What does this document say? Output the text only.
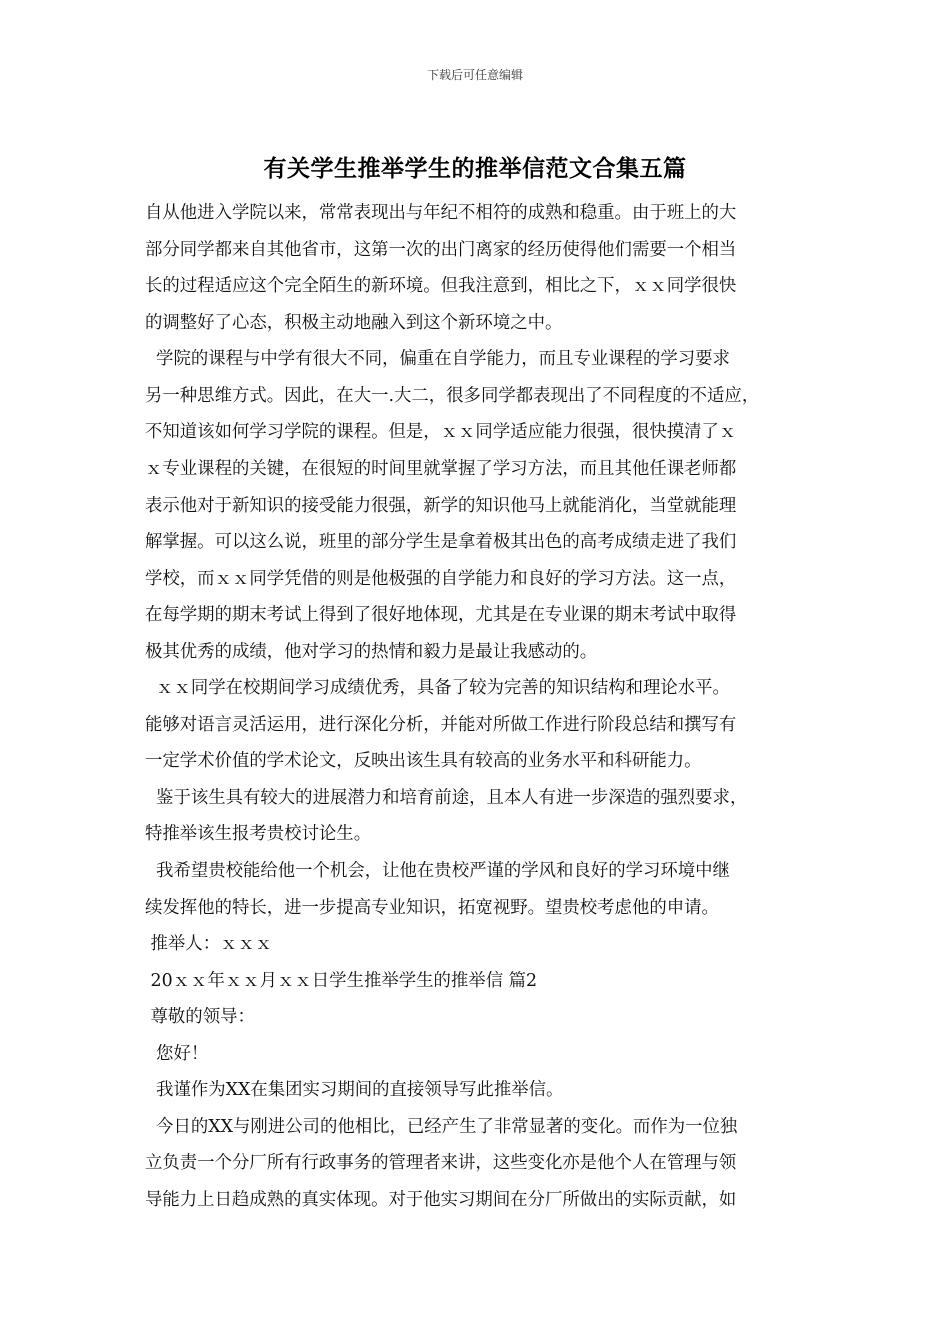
下载后可任意编辑
有关学生推举学生的推举信范文合集五篇
自从他进入学院以来，常常表现出与年纪不相符的成熟和稳重。由于班上的大
部分同学都来自其他省市，这第一次的出门离家的经历使得他们需要一个相当
长的过程适应这个完全陌生的新环境。但我注意到，相比之下，ｘｘ同学很快
的调整好了心态，积极主动地融入到这个新环境之中。
学院的课程与中学有很大不同，偏重在自学能力，而且专业课程的学习要求
另一种思维方式。因此，在大一.大二，很多同学都表现出了不同程度的不适应，
不知道该如何学习学院的课程。但是，ｘｘ同学适应能力很强，很快摸清了ｘ
ｘ专业课程的关键，在很短的时间里就掌握了学习方法，而且其他任课老师都
表示他对于新知识的接受能力很强，新学的知识他马上就能消化，当堂就能理
解掌握。可以这么说，班里的部分学生是拿着极其出色的高考成绩走进了我们
学校，而ｘｘ同学凭借的则是他极强的自学能力和良好的学习方法。这一点，
在每学期的期末考试上得到了很好地体现，尤其是在专业课的期末考试中取得
极其优秀的成绩，他对学习的热情和毅力是最让我感动的。
ｘｘ同学在校期间学习成绩优秀，具备了较为完善的知识结构和理论水平。
能够对语言灵活运用，进行深化分析，并能对所做工作进行阶段总结和撰写有
一定学术价值的学术论文，反映出该生具有较高的业务水平和科研能力。
鉴于该生具有较大的进展潜力和培育前途，且本人有进一步深造的强烈要求，
特推举该生报考贵校讨论生。
我希望贵校能给他一个机会，让他在贵校严谨的学风和良好的学习环境中继
续发挥他的特长，进一步提高专业知识，拓宽视野。望贵校考虑他的申请。
推举人：ｘｘｘ
20ｘｘ年ｘｘ月ｘｘ日学生推举学生的推举信 篇2
尊敬的领导：
您好！
我谨作为XX在集团实习期间的直接领导写此推举信。
今日的XX与刚进公司的他相比，已经产生了非常显著的变化。而作为一位独
立负责一个分厂所有行政事务的管理者来讲，这些变化亦是他个人在管理与领
导能力上日趋成熟的真实体现。对于他实习期间在分厂所做出的实际贡献，如
